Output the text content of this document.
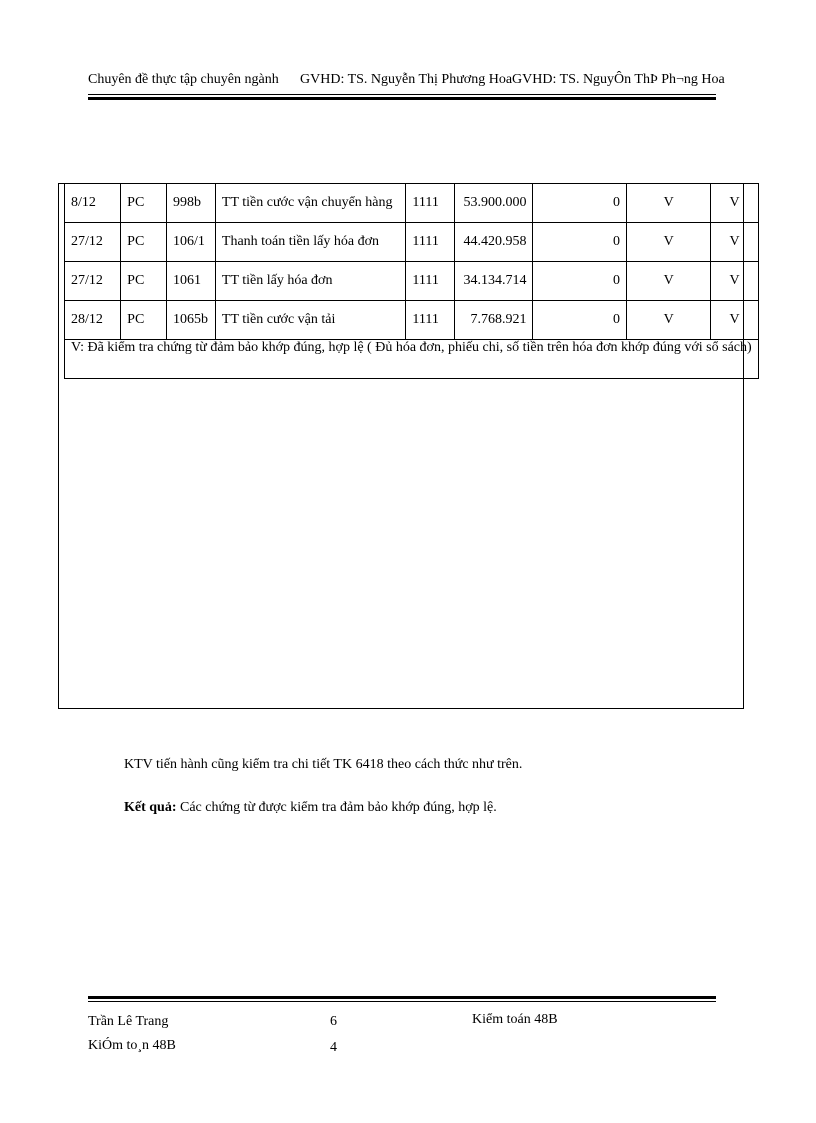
Chuyên đề thực tập chuyên ngành GVHD: TS. Nguyễn Thị Phương HoaGVHD: TS. NguyÔn ThÞ Ph¬ng Hoa
8/12	PC	998b	TT tiền cước vận chuyển hàng	1111	53.900.000	0	V	V
27/12	PC	106/1	Thanh toán tiền lấy hóa đơn	1111	44.420.958	0	V	V
27/12	PC	1061	TT tiền lấy hóa đơn	1111	34.134.714	0	V	V
28/12	PC	1065b	TT tiền cước vận tải	1111	7.768.921	0	V	V
V: Đã kiểm tra chứng từ đảm bảo khớp đúng, hợp lệ ( Đủ hóa đơn, phiếu chi, số tiền trên hóa đơn khớp đúng với sổ sách)								
KTV tiến hành cũng kiểm tra chi tiết TK 6418 theo cách thức như trên.
Kết quả: Các chứng từ được kiểm tra đảm bảo khớp đúng, hợp lệ.
Trần Lê Trang
KiÓm to¸n 48B
6
4
Kiểm toán 48B
